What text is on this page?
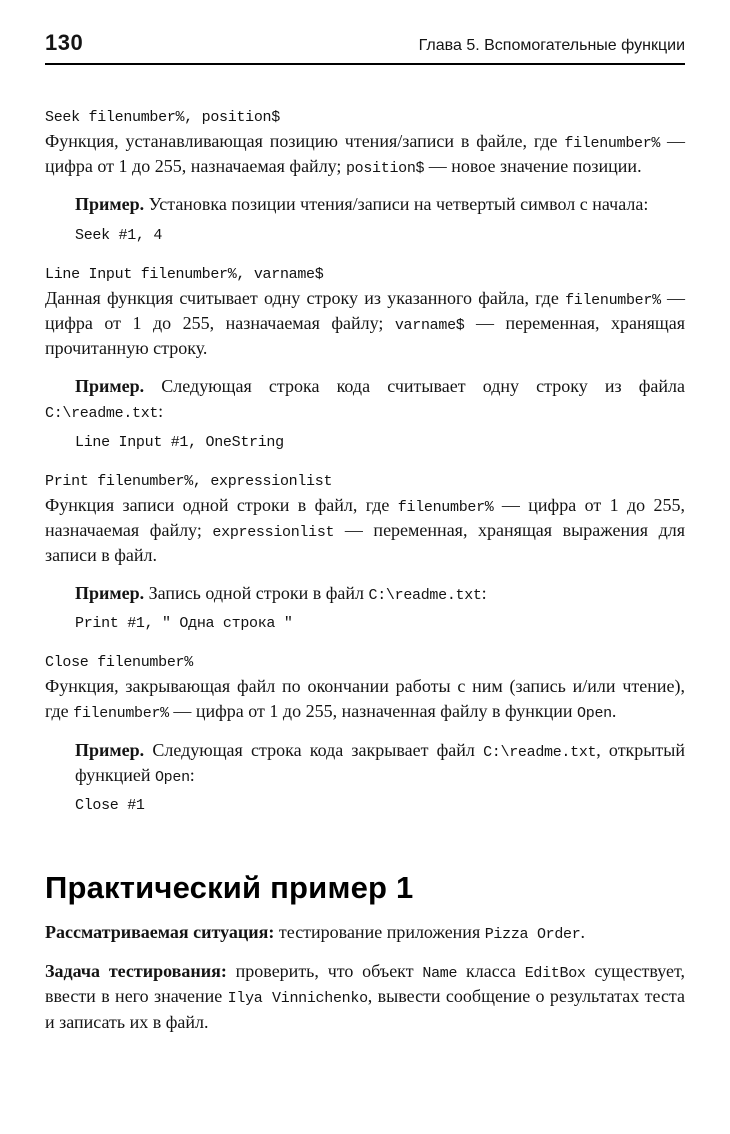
130	Глава 5. Вспомогательные функции
Seek filenumber%, position$

Функция, устанавливающая позицию чтения/записи в файле, где filenumber% — цифра от 1 до 255, назначаемая файлу; position$ — новое значение позиции.

Пример. Установка позиции чтения/записи на четвертый символ с начала:

Seek #1, 4
Line Input filenumber%, varname$

Данная функция считывает одну строку из указанного файла, где filenumber% — цифра от 1 до 255, назначаемая файлу; varname$ — переменная, хранящая прочитанную строку.

Пример. Следующая строка кода считывает одну строку из файла C:\readme.txt:

Line Input #1, OneString
Print filenumber%, expressionlist

Функция записи одной строки в файл, где filenumber% — цифра от 1 до 255, назначаемая файлу; expressionlist — переменная, хранящая выражения для записи в файл.

Пример. Запись одной строки в файл C:\readme.txt:

Print #1, " Одна строка "
Close filenumber%

Функция, закрывающая файл по окончании работы с ним (запись и/или чтение), где filenumber% — цифра от 1 до 255, назначенная файлу в функции Open.

Пример. Следующая строка кода закрывает файл C:\readme.txt, открытый функцией Open:

Close #1
Практический пример 1

Рассматриваемая ситуация: тестирование приложения Pizza Order.

Задача тестирования: проверить, что объект Name класса EditBox существует, ввести в него значение Ilya Vinnichenko, вывести сообщение о результатах теста и записать их в файл.
